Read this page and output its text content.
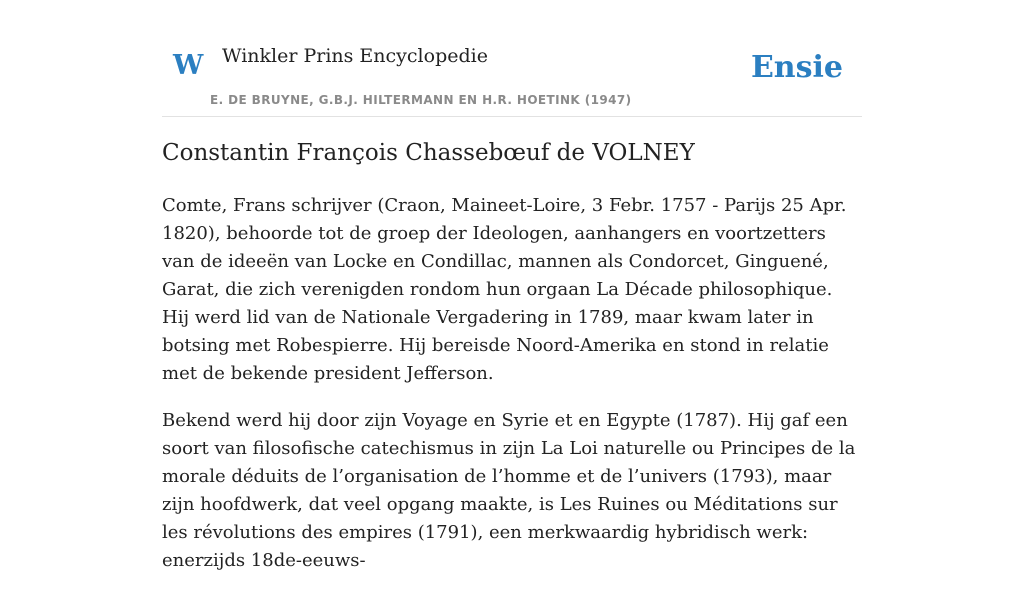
W Winkler Prins Encyclopedie
E. DE BRUYNE, G.B.J. HILTERMANN EN H.R. HOETINK (1947)
Ensie
Constantin François Chassebœuf de VOLNEY

Comte, Frans schrijver (Craon, Maineet-Loire, 3 Febr. 1757 - Parijs 25 Apr. 1820), behoorde tot de groep der Ideologen, aanhangers en voortzetters van de ideeën van Locke en Condillac, mannen als Condorcet, Ginguené, Garat, die zich verenigden rondom hun orgaan La Décade philosophique. Hij werd lid van de Nationale Vergadering in 1789, maar kwam later in botsing met Robespierre. Hij bereisde Noord-Amerika en stond in relatie met de bekende president Jefferson.

Bekend werd hij door zijn Voyage en Syrie et en Egypte (1787). Hij gaf een soort van filosofische catechismus in zijn La Loi naturelle ou Principes de la morale déduits de l’organisation de l’homme et de l’univers (1793), maar zijn hoofdwerk, dat veel opgang maakte, is Les Ruines ou Méditations sur les révolutions des empires (1791), een merkwaardig hybridisch werk: enerzijds 18de-eeuws-
